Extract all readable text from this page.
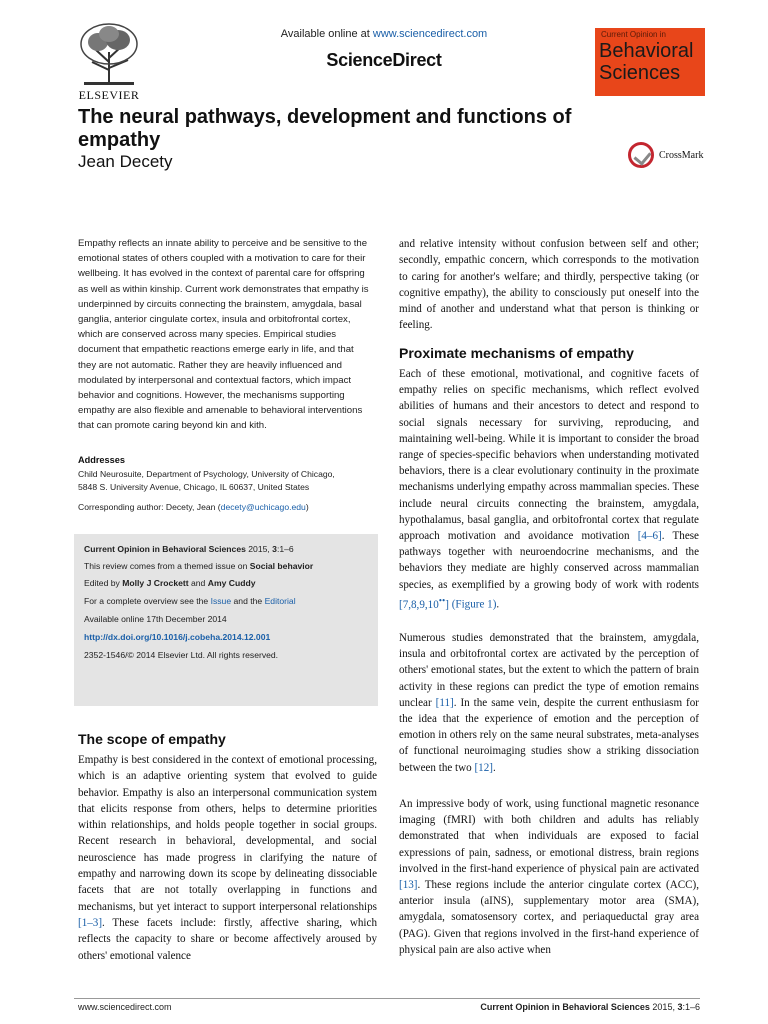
ELSEVIER
Available online at www.sciencedirect.com
ScienceDirect
Current Opinion in
Behavioral
Sciences
The neural pathways, development and functions of empathy
Jean Decety	CrossMark
Empathy reflects an innate ability to perceive and be sensitive to the emotional states of others coupled with a motivation to care for their wellbeing. It has evolved in the context of parental care for offspring as well as within kinship. Current work demonstrates that empathy is underpinned by circuits connecting the brainstem, amygdala, basal ganglia, anterior cingulate cortex, insula and orbitofrontal cortex, which are conserved across many species. Empirical studies document that empathetic reactions emerge early in life, and that they are not automatic. Rather they are heavily influenced and modulated by interpersonal and contextual factors, which impact behavior and cognitions. However, the mechanisms supporting empathy are also flexible and amenable to behavioral interventions that can promote caring beyond kin and kith.
Addresses
Child Neurosuite, Department of Psychology, University of Chicago,
5848 S. University Avenue, Chicago, IL 60637, United States
Corresponding author: Decety, Jean (decety@uchicago.edu)
Current Opinion in Behavioral Sciences 2015, 3:1–6
This review comes from a themed issue on Social behavior
Edited by Molly J Crockett and Amy Cuddy
For a complete overview see the Issue and the Editorial
Available online 17th December 2014
http://dx.doi.org/10.1016/j.cobeha.2014.12.001
2352-1546/© 2014 Elsevier Ltd. All rights reserved.
The scope of empathy
Empathy is best considered in the context of emotional processing, which is an adaptive orienting system that evolved to guide behavior. Empathy is also an interpersonal communication system that elicits response from others, helps to determine priorities within relationships, and holds people together in social groups. Recent research in behavioral, developmental, and social neuroscience has made progress in clarifying the nature of empathy and narrowing down its scope by delineating dissociable facets that are not totally overlapping in functions and mechanisms, but yet interact to support interpersonal relationships [1–3]. These facets include: firstly, affective sharing, which reflects the capacity to share or become affectively aroused by others' emotional valence
and relative intensity without confusion between self and other; secondly, empathic concern, which corresponds to the motivation to caring for another's welfare; and thirdly, perspective taking (or cognitive empathy), the ability to consciously put oneself into the mind of another and understand what that person is thinking or feeling.
Proximate mechanisms of empathy
Each of these emotional, motivational, and cognitive facets of empathy relies on specific mechanisms, which reflect evolved abilities of humans and their ancestors to detect and respond to social signals necessary for surviving, reproducing, and maintaining well-being. While it is important to consider the broad range of species-specific behaviors when understanding motivated behaviors, there is a clear evolutionary continuity in the proximate mechanisms underlying empathy across mammalian species. These include neural circuits connecting the brainstem, amygdala, hypothalamus, basal ganglia, and orbitofrontal cortex that regulate approach motivation and avoidance motivation [4–6]. These pathways together with neuroendocrine mechanisms, and the behaviors they mediate are highly conserved across mammalian species, as exemplified by a growing body of work with rodents [7,8,9,10••] (Figure 1).
Numerous studies demonstrated that the brainstem, amygdala, insula and orbitofrontal cortex are activated by the perception of others' emotional states, but the extent to which the pattern of brain activity in these regions can predict the type of emotion remains unclear [11]. In the same vein, despite the current enthusiasm for the idea that the experience of emotion and the perception of emotion in others rely on the same neural substrates, meta-analyses of functional neuroimaging studies show a striking dissociation between the two [12].
An impressive body of work, using functional magnetic resonance imaging (fMRI) with both children and adults has reliably demonstrated that when individuals are exposed to facial expressions of pain, sadness, or emotional distress, brain regions involved in the first-hand experience of physical pain are activated [13]. These regions include the anterior cingulate cortex (ACC), anterior insula (aINS), supplementary motor area (SMA), amygdala, somatosensory cortex, and periaqueductal gray area (PAG). Given that regions involved in the first-hand experience of physical pain are also active when
www.sciencedirect.com	Current Opinion in Behavioral Sciences 2015, 3:1–6
